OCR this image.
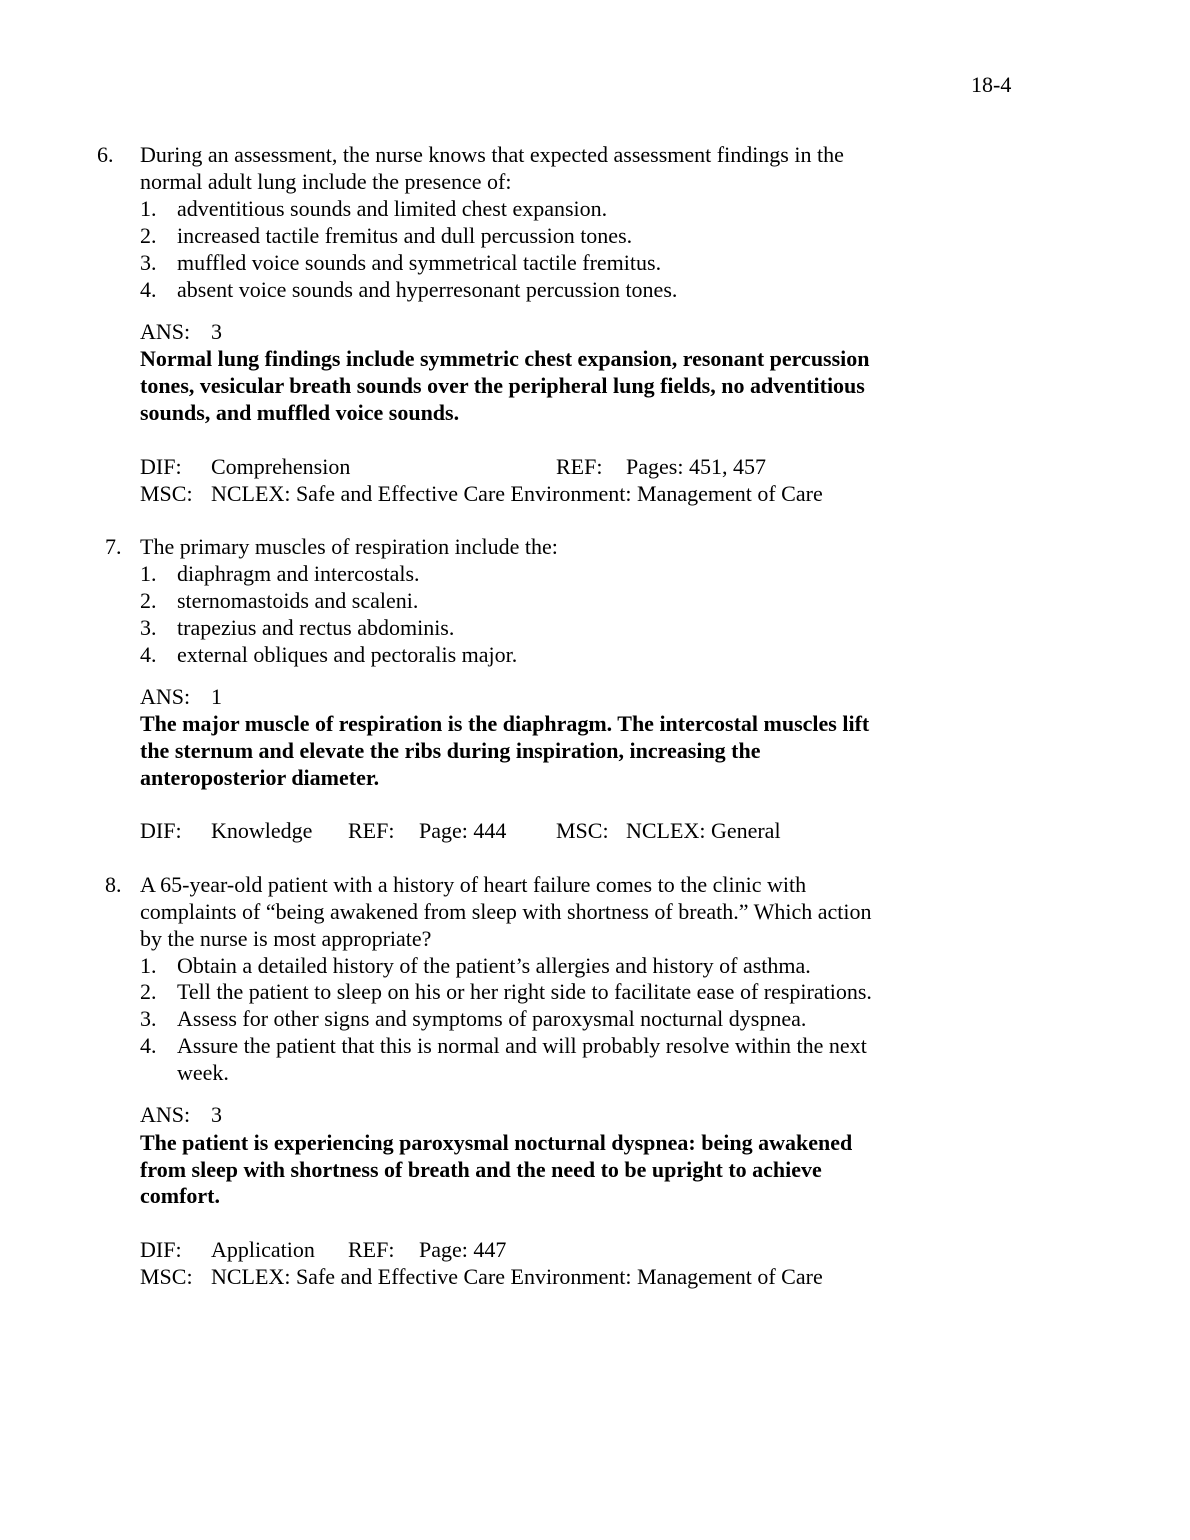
18-4
6. During an assessment, the nurse knows that expected assessment findings in the
normal adult lung include the presence of:
1. adventitious sounds and limited chest expansion.
2. increased tactile fremitus and dull percussion tones.
3. muffled voice sounds and symmetrical tactile fremitus.
4. absent voice sounds and hyperresonant percussion tones.
ANS: 3
Normal lung findings include symmetric chest expansion, resonant percussion
tones, vesicular breath sounds over the peripheral lung fields, no adventitious
sounds, and muffled voice sounds.
DIF: Comprehension	REF: Pages: 451, 457
MSC: NCLEX: Safe and Effective Care Environment: Management of Care
7. The primary muscles of respiration include the:
1. diaphragm and intercostals.
2. sternomastoids and scaleni.
3. trapezius and rectus abdominis.
4. external obliques and pectoralis major.
ANS: 1
The major muscle of respiration is the diaphragm. The intercostal muscles lift
the sternum and elevate the ribs during inspiration, increasing the
anteroposterior diameter.
DIF: Knowledge REF: Page: 444 MSC: NCLEX: General
8. A 65-year-old patient with a history of heart failure comes to the clinic with
complaints of “being awakened from sleep with shortness of breath.” Which action
by the nurse is most appropriate?
1. Obtain a detailed history of the patient’s allergies and history of asthma.
2. Tell the patient to sleep on his or her right side to facilitate ease of respirations.
3. Assess for other signs and symptoms of paroxysmal nocturnal dyspnea.
4. Assure the patient that this is normal and will probably resolve within the next
week.
ANS: 3
The patient is experiencing paroxysmal nocturnal dyspnea: being awakened
from sleep with shortness of breath and the need to be upright to achieve
comfort.
DIF: Application REF: Page: 447
MSC: NCLEX: Safe and Effective Care Environment: Management of Care
